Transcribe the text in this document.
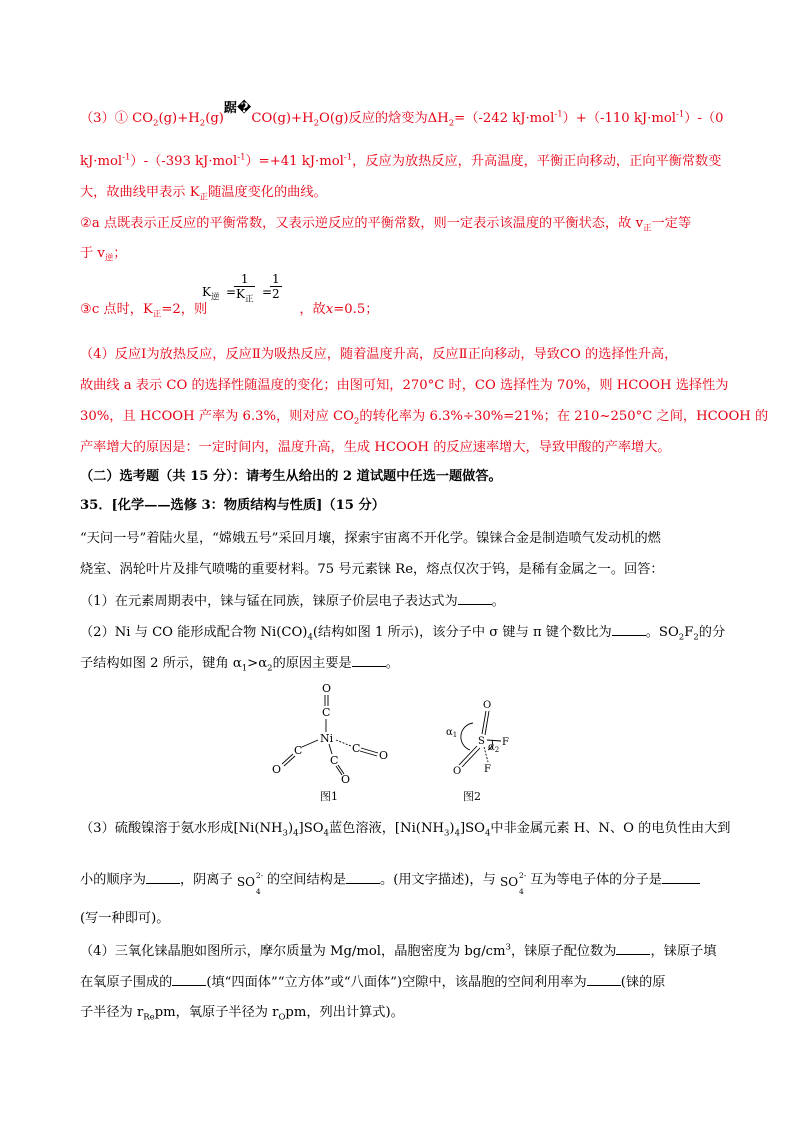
（3）① $CO_2(g)+H_2(g)$踞$�CO(g)+H_2O(g)$反应的焓变为$\Delta H_2=(-242$ kJ·mol$^{-1}$）+（-110 kJ·mol$^{-1}$）-（0
kJ·mol$^{-1}$）-（-393 kJ·mol$^{-1}$）=+41 kJ·mol$^{-1}$，反应为放热反应，升高温度，平衡正向移动，正向平衡常数变
大，故曲线甲表示 $K_正$随温度变化的曲线。
②a 点既表示正反应的平衡常数，又表示逆反应的平衡常数，则一定表示该温度的平衡状态，故 $v_正$一定等
于 $v_逆$；
③c 点时，$K_正=2$，则	，故x=0.5；
$K_逆$ =
1
$K_正$
=
$\frac{1}{2}$
（4）反应Ⅰ为放热反应，反应Ⅱ为吸热反应，随着温度升高，反应Ⅱ正向移动，导致CO 的选择性升高，
故曲线 a 表示 CO 的选择性随温度的变化；由图可知，270°C 时，CO 选择性为 70%，则 HCOOH 选择性为
30%，且 HCOOH 产率为 6.3%，则对应 $CO_2$的转化率为 6.3%÷30%=21%；在 210~250°C 之间，HCOOH 的
产率增大的原因是：一定时间内，温度升高，生成 HCOOH 的反应速率增大，导致甲酸的产率增大。
（二）选考题（共 15 分）：请考生从给出的 2 道试题中任选一题做答。
35．[化学——选修 3：物质结构与性质]（15 分）
“天问一号”着陆火星，“嫦娥五号”采回月壤，探索宇宙离不开化学。镍铼合金是制造喷气发动机的燃
烧室、涡轮叶片及排气喷嘴的重要材料。75 号元素铼 Re，熔点仅次于钨，是稀有金属之一。回答：
（1）在元素周期表中，铼与锰在同族，铼原子价层电子表达式为	。
（2）Ni 与 CO 能形成配合物 $Ni(CO)_4$(结构如图 1 所示)，该分子中 σ 键与 π 键个数比为	。$SO_2F_2$的分
子结构如图 2 所示，键角 $\alpha_1>\alpha_2$的原因主要是	。
O
C
Ni
C
O
C
O
C
O
图1
O
S
O
F
F
$\alpha_1$
$\alpha_2$
图2
（3）硫酸镍溶于氨水形成$[Ni(NH_3)_4]SO_4$蓝色溶液，$[Ni(NH_3)_4]SO_4$中非金属元素 H、N、O 的电负性由大到
小的顺序为	，阴离子 SO 2-
4
的空间结构是	。(用文字描述)，与 SO 2-
4
互为等电子体的分子是
(写一种即可)。
（4）三氧化铼晶胞如图所示，摩尔质量为 Mg/mol，晶胞密度为 $bg/cm^3$，铼原子配位数为	，铼原子填
在氧原子围成的	(填“四面体”“立方体”或“八面体”)空隙中，该晶胞的空间利用率为	(铼的原
子半径为 $r_{Re}pm$，氧原子半径为 $r_Opm$，列出计算式)。
